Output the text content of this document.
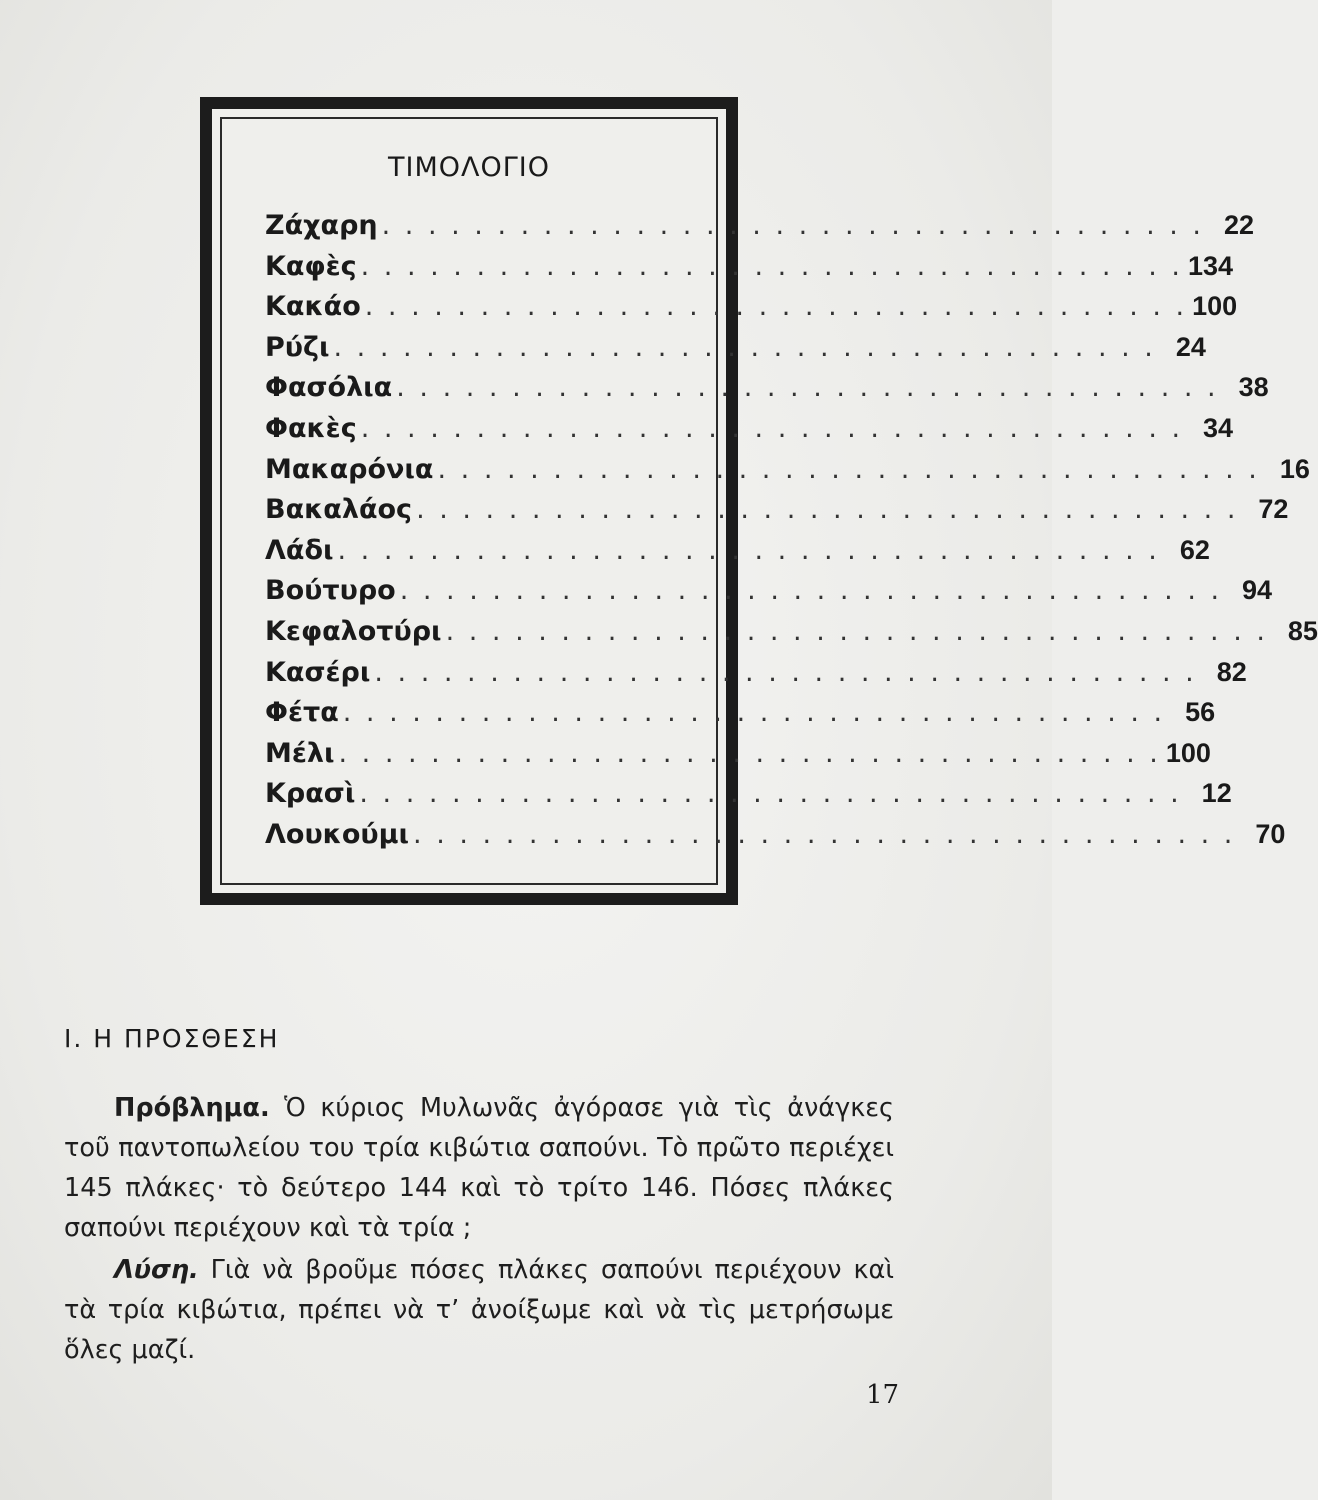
ΤΙΜΟΛΟΓΙΟ
Ζάχαρη . . . . . . . . . . . . . . . . . . . . . . . . . . . . . . . . . . . . 22
Καφὲς . . . . . . . . . . . . . . . . . . . . . . . . . . . . . . . . . . . . 134
Κακάο . . . . . . . . . . . . . . . . . . . . . . . . . . . . . . . . . . . . 100
Ρύζι . . . . . . . . . . . . . . . . . . . . . . . . . . . . . . . . . . . . 24
Φασόλια . . . . . . . . . . . . . . . . . . . . . . . . . . . . . . . . . . . . 38
Φακὲς . . . . . . . . . . . . . . . . . . . . . . . . . . . . . . . . . . . . 34
Μακαρόνια . . . . . . . . . . . . . . . . . . . . . . . . . . . . . . . . . . . . 16
Βακαλάος . . . . . . . . . . . . . . . . . . . . . . . . . . . . . . . . . . . . 72
Λάδι . . . . . . . . . . . . . . . . . . . . . . . . . . . . . . . . . . . . 62
Βούτυρο . . . . . . . . . . . . . . . . . . . . . . . . . . . . . . . . . . . . 94
Κεφαλοτύρι . . . . . . . . . . . . . . . . . . . . . . . . . . . . . . . . . . . . 85
Κασέρι . . . . . . . . . . . . . . . . . . . . . . . . . . . . . . . . . . . . 82
Φέτα . . . . . . . . . . . . . . . . . . . . . . . . . . . . . . . . . . . . 56
Μέλι . . . . . . . . . . . . . . . . . . . . . . . . . . . . . . . . . . . . 100
Κρασὶ . . . . . . . . . . . . . . . . . . . . . . . . . . . . . . . . . . . . 12
Λουκούμι . . . . . . . . . . . . . . . . . . . . . . . . . . . . . . . . . . . . 70
Ι. Η ΠΡΟΣΘΕΣΗ

Πρόβλημα. Ὁ κύριος Μυλωνᾶς ἀγόρασε γιὰ τὶς ἀνάγκες τοῦ παντοπωλείου του τρία κιβώτια σαπούνι. Τὸ πρῶτο περιέχει 145 πλάκες· τὸ δεύτερο 144 καὶ τὸ τρίτο 146. Πόσες πλάκες σαπούνι περιέχουν καὶ τὰ τρία ;

Λύση. Γιὰ νὰ βροῦμε πόσες πλάκες σαπούνι περιέχουν καὶ τὰ τρία κιβώτια, πρέπει νὰ τ’ ἀνοίξωμε καὶ νὰ τὶς μετρήσωμε ὅλες μαζί.

17
